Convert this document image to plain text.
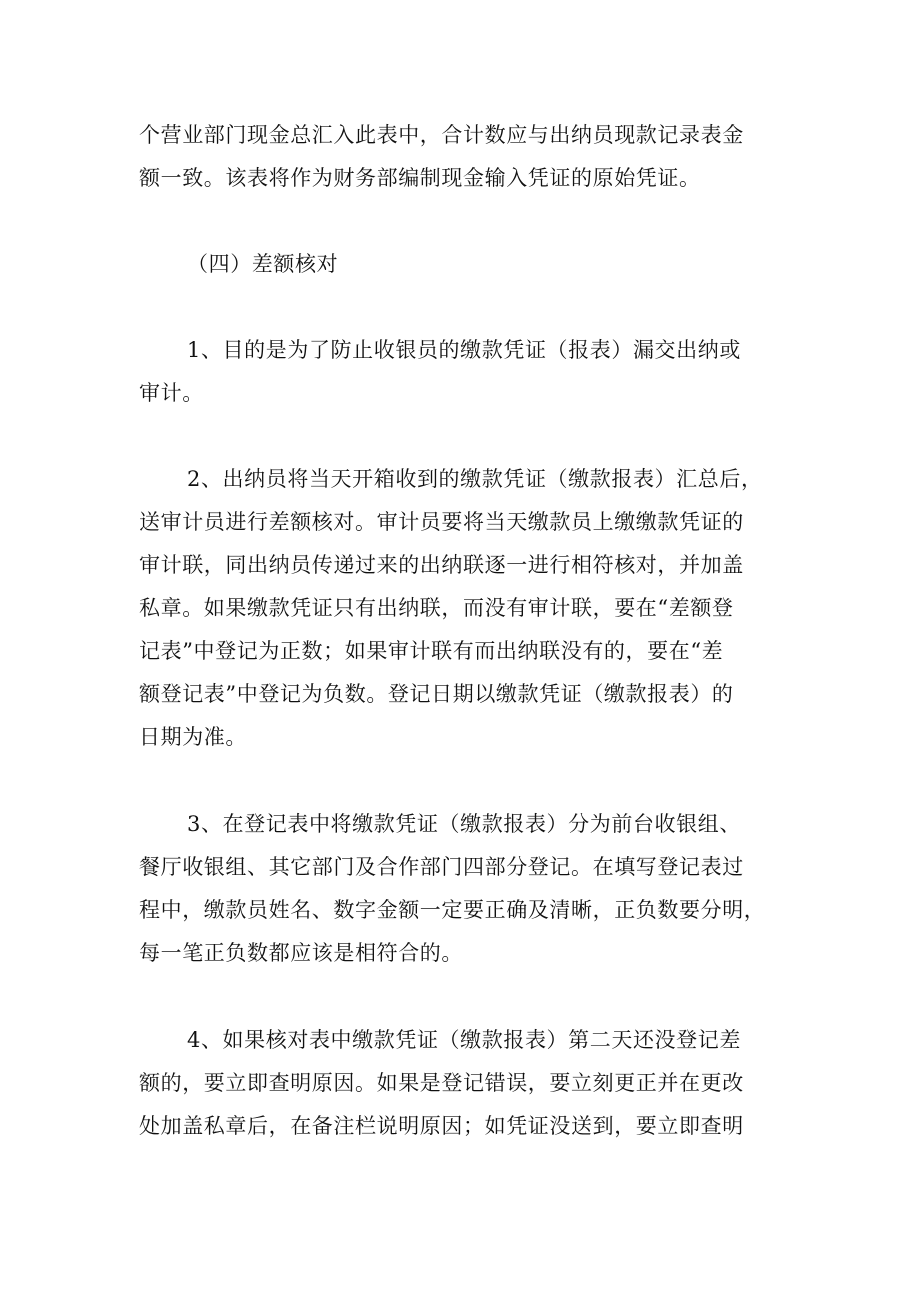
个营业部门现金总汇入此表中，合计数应与出纳员现款记录表金
额一致。该表将作为财务部编制现金输入凭证的原始凭证。
（四）差额核对
1、目的是为了防止收银员的缴款凭证（报表）漏交出纳或
审计。
2、出纳员将当天开箱收到的缴款凭证（缴款报表）汇总后，
送审计员进行差额核对。审计员要将当天缴款员上缴缴款凭证的
审计联，同出纳员传递过来的出纳联逐一进行相符核对，并加盖
私章。如果缴款凭证只有出纳联，而没有审计联，要在“差额登
记表”中登记为正数；如果审计联有而出纳联没有的，要在“差
额登记表”中登记为负数。登记日期以缴款凭证（缴款报表）的
日期为准。
3、在登记表中将缴款凭证（缴款报表）分为前台收银组、
餐厅收银组、其它部门及合作部门四部分登记。在填写登记表过
程中，缴款员姓名、数字金额一定要正确及清晰，正负数要分明，
每一笔正负数都应该是相符合的。
4、如果核对表中缴款凭证（缴款报表）第二天还没登记差
额的，要立即查明原因。如果是登记错误，要立刻更正并在更改
处加盖私章后，在备注栏说明原因；如凭证没送到，要立即查明
